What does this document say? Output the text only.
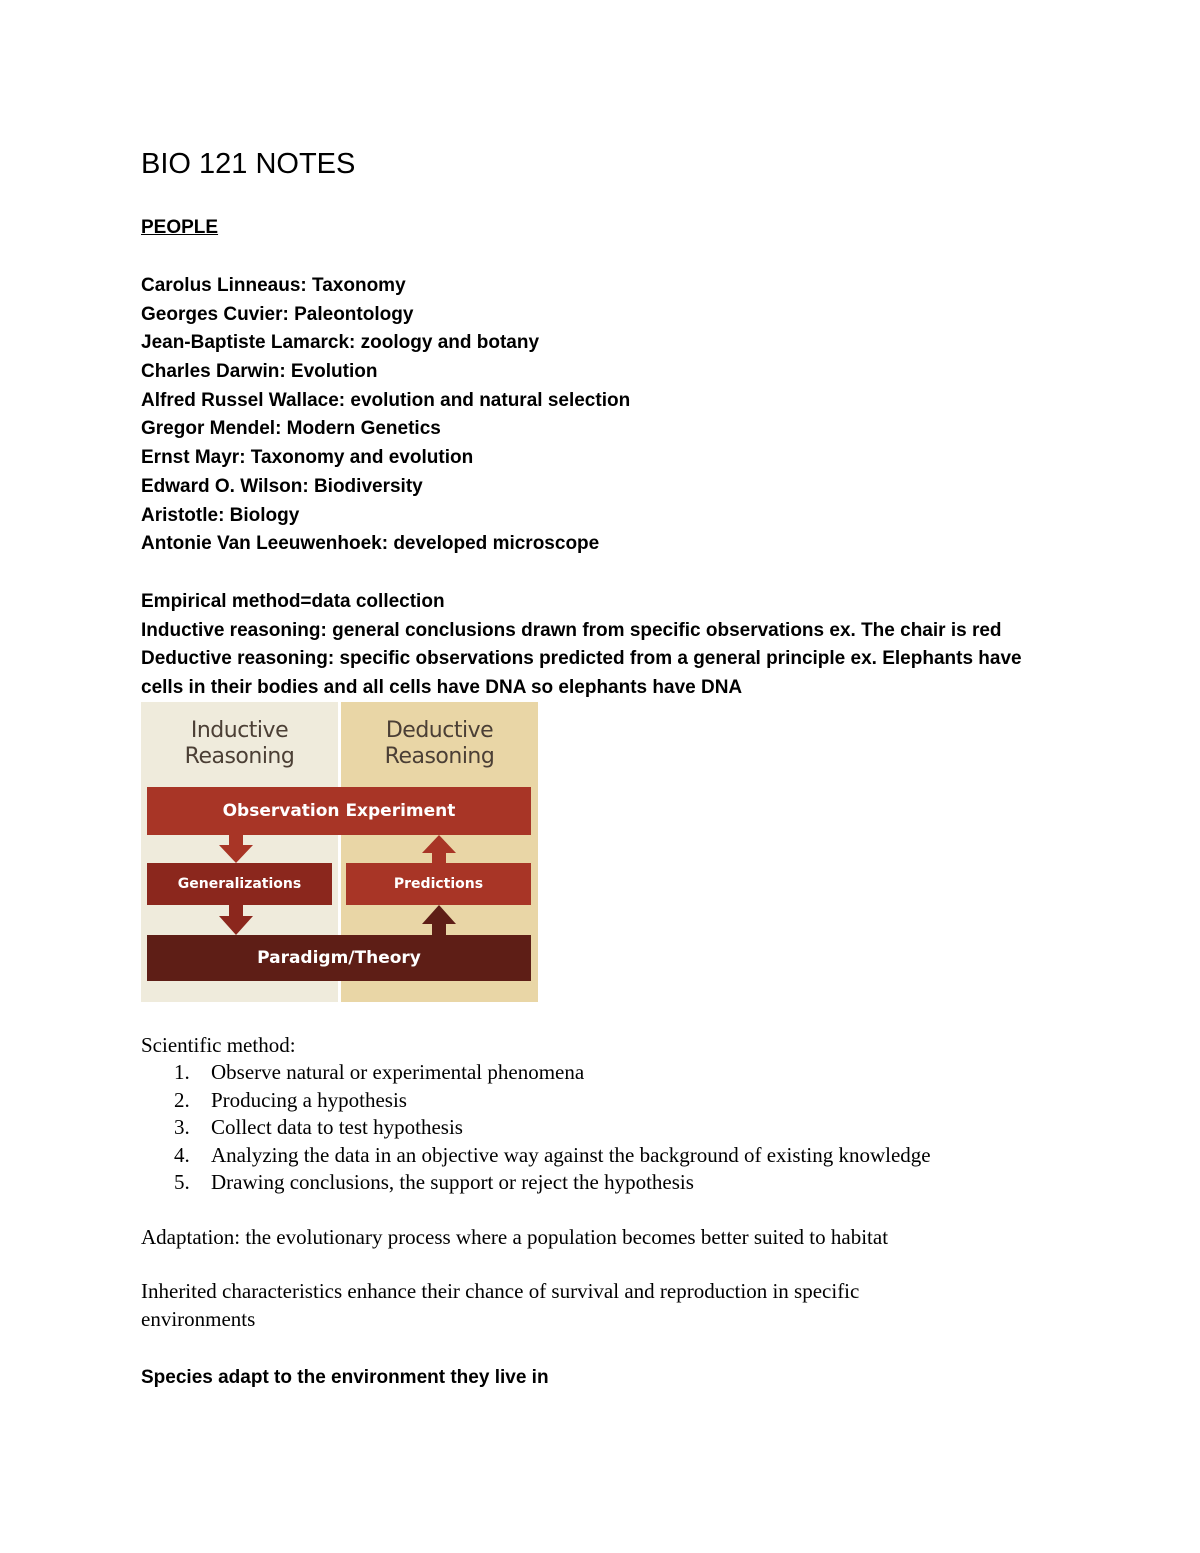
BIO 121 NOTES
PEOPLE
Carolus Linneaus: Taxonomy
Georges Cuvier: Paleontology
Jean-Baptiste Lamarck: zoology and botany
Charles Darwin: Evolution
Alfred Russel Wallace: evolution and natural selection
Gregor Mendel: Modern Genetics
Ernst Mayr: Taxonomy and evolution
Edward O. Wilson: Biodiversity
Aristotle: Biology
Antonie Van Leeuwenhoek: developed microscope

Empirical method=data collection

Inductive reasoning: general conclusions drawn from specific observations ex. The chair is red

Deductive reasoning: specific observations predicted from a general principle ex. Elephants have cells in their bodies and all cells have DNA so elephants have DNA

Inductive
Reasoning
Deductive
Reasoning
Observation Experiment
Generalizations	Predictions
Paradigm/Theory
Scientific method:
1.	Observe natural or experimental phenomena
2.	Producing a hypothesis
3.	Collect data to test hypothesis
4.	Analyzing the data in an objective way against the background of existing knowledge
5.	Drawing conclusions, the support or reject the hypothesis

Adaptation: the evolutionary process where a population becomes better suited to habitat

Inherited characteristics enhance their chance of survival and reproduction in specific environments

Species adapt to the environment they live in
